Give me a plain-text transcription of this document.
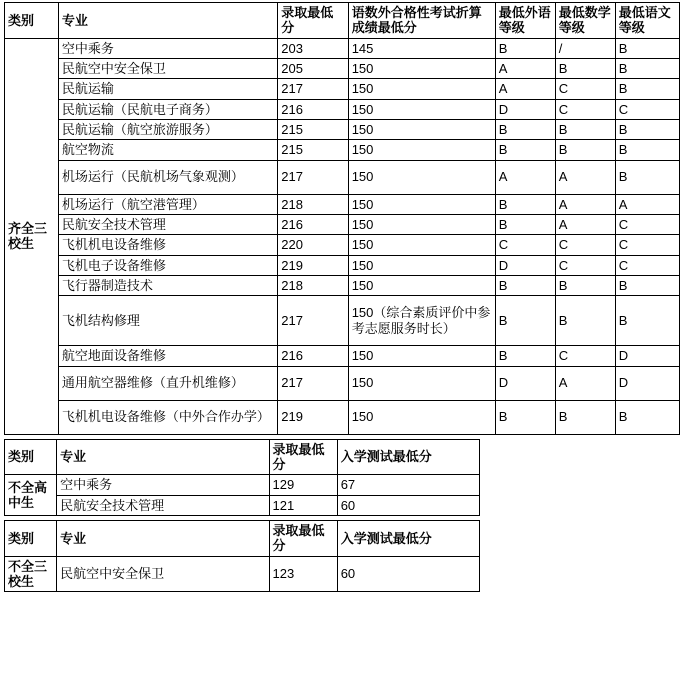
类别	专业	录取最低分	语数外合格性考试折算成绩最低分	最低外语等级	最低数学等级	最低语文等级
齐全三校生	空中乘务	203	145	B	/	B
	民航空中安全保卫	205	150	A	B	B
	民航运输	217	150	A	C	B
	民航运输（民航电子商务）	216	150	D	C	C
	民航运输（航空旅游服务）	215	150	B	B	B
	航空物流	215	150	B	B	B
	机场运行（民航机场气象观测）	217	150	A	A	B
	机场运行（航空港管理）	218	150	B	A	A
	民航安全技术管理	216	150	B	A	C
	飞机机电设备维修	220	150	C	C	C
	飞机电子设备维修	219	150	D	C	C
	飞行器制造技术	218	150	B	B	B
	飞机结构修理	217	150（综合素质评价中参考志愿服务时长）	B	B	B
	航空地面设备维修	216	150	B	C	D
	通用航空器维修（直升机维修）	217	150	D	A	D
	飞机机电设备维修（中外合作办学）	219	150	B	B	B
类别	专业	录取最低分	入学测试最低分
不全高中生	空中乘务	129	67
	民航安全技术管理	121	60
类别	专业	录取最低分	入学测试最低分
不全三校生	民航空中安全保卫	123	60
